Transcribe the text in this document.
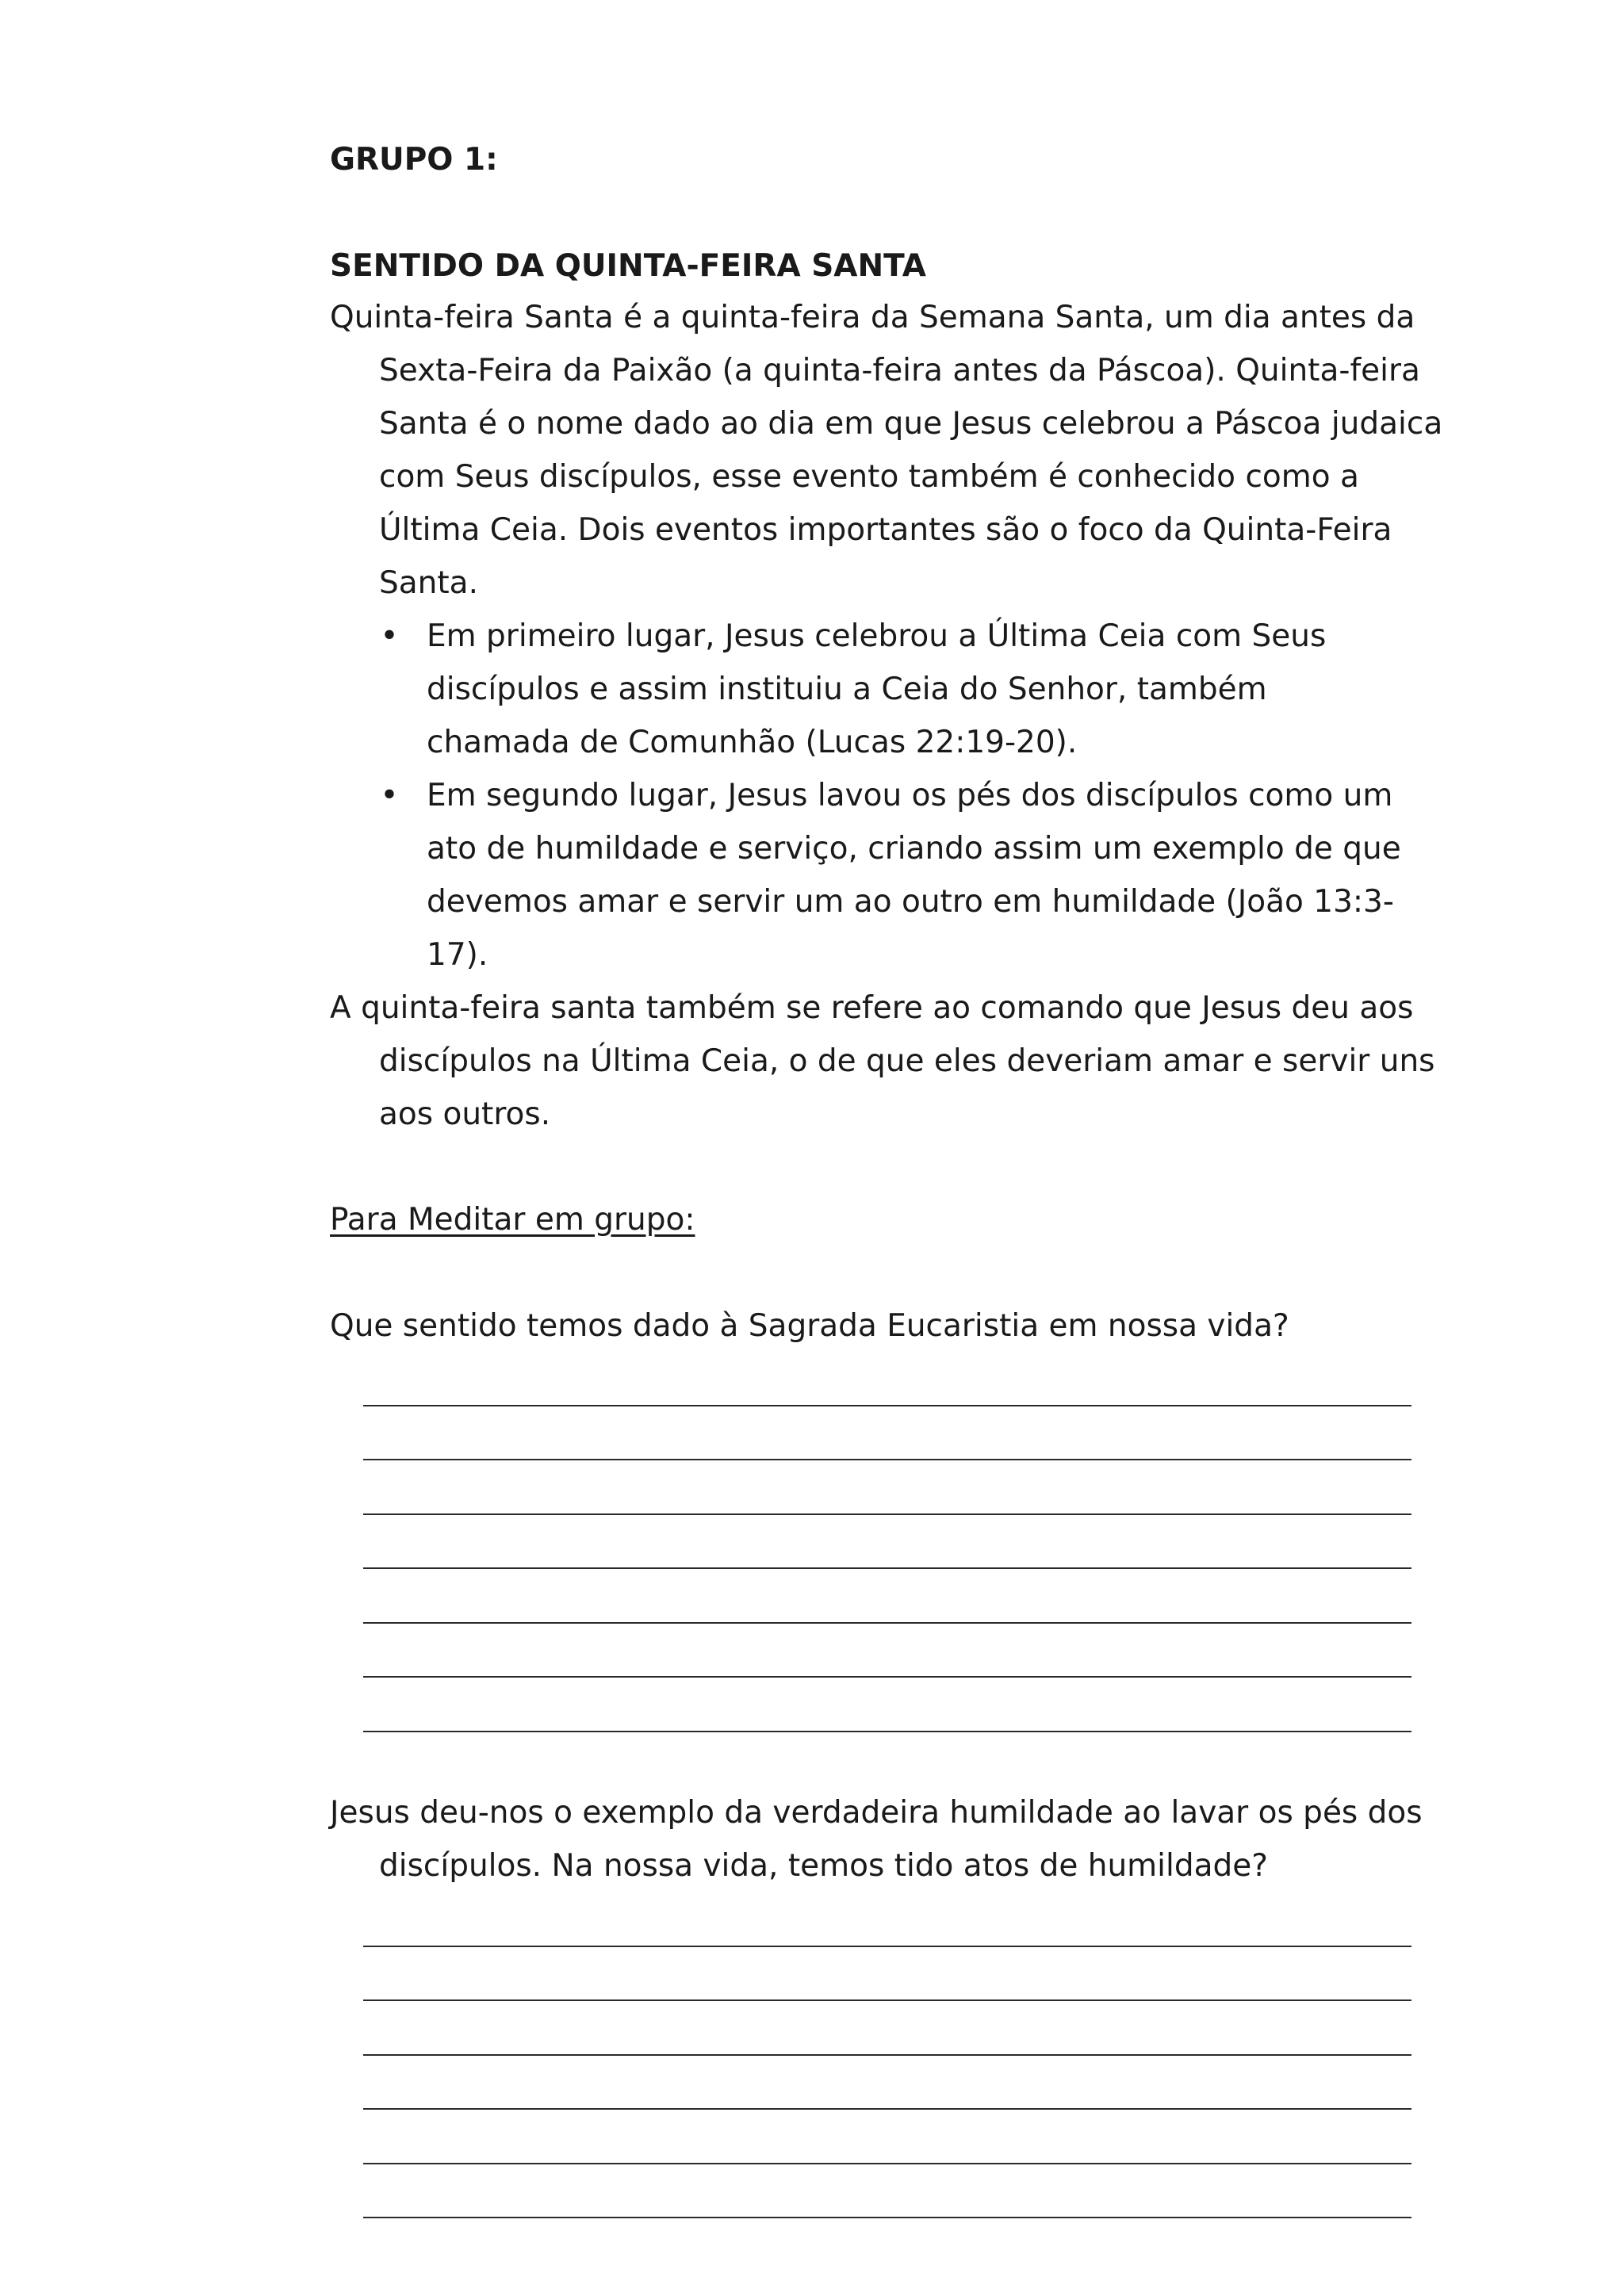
GRUPO 1:
SENTIDO DA QUINTA-FEIRA SANTA
Quinta-feira Santa é a quinta-feira da Semana Santa, um dia antes da Sexta-Feira da Paixão (a quinta-feira antes da Páscoa). Quinta-feira Santa é o nome dado ao dia em que Jesus celebrou a Páscoa judaica com Seus discípulos, esse evento também é conhecido como a Última Ceia. Dois eventos importantes são o foco da Quinta-Feira Santa.
• Em primeiro lugar, Jesus celebrou a Última Ceia com Seus discípulos e assim instituiu a Ceia do Senhor, também chamada de Comunhão (Lucas 22:19-20).
• Em segundo lugar, Jesus lavou os pés dos discípulos como um ato de humildade e serviço, criando assim um exemplo de que devemos amar e servir um ao outro em humildade (João 13:3-17).
A quinta-feira santa também se refere ao comando que Jesus deu aos discípulos na Última Ceia, o de que eles deveriam amar e servir uns aos outros.
Para Meditar em grupo:
Que sentido temos dado à Sagrada Eucaristia em nossa vida?
Jesus deu-nos o exemplo da verdadeira humildade ao lavar os pés dos discípulos. Na nossa vida, temos tido atos de humildade?
